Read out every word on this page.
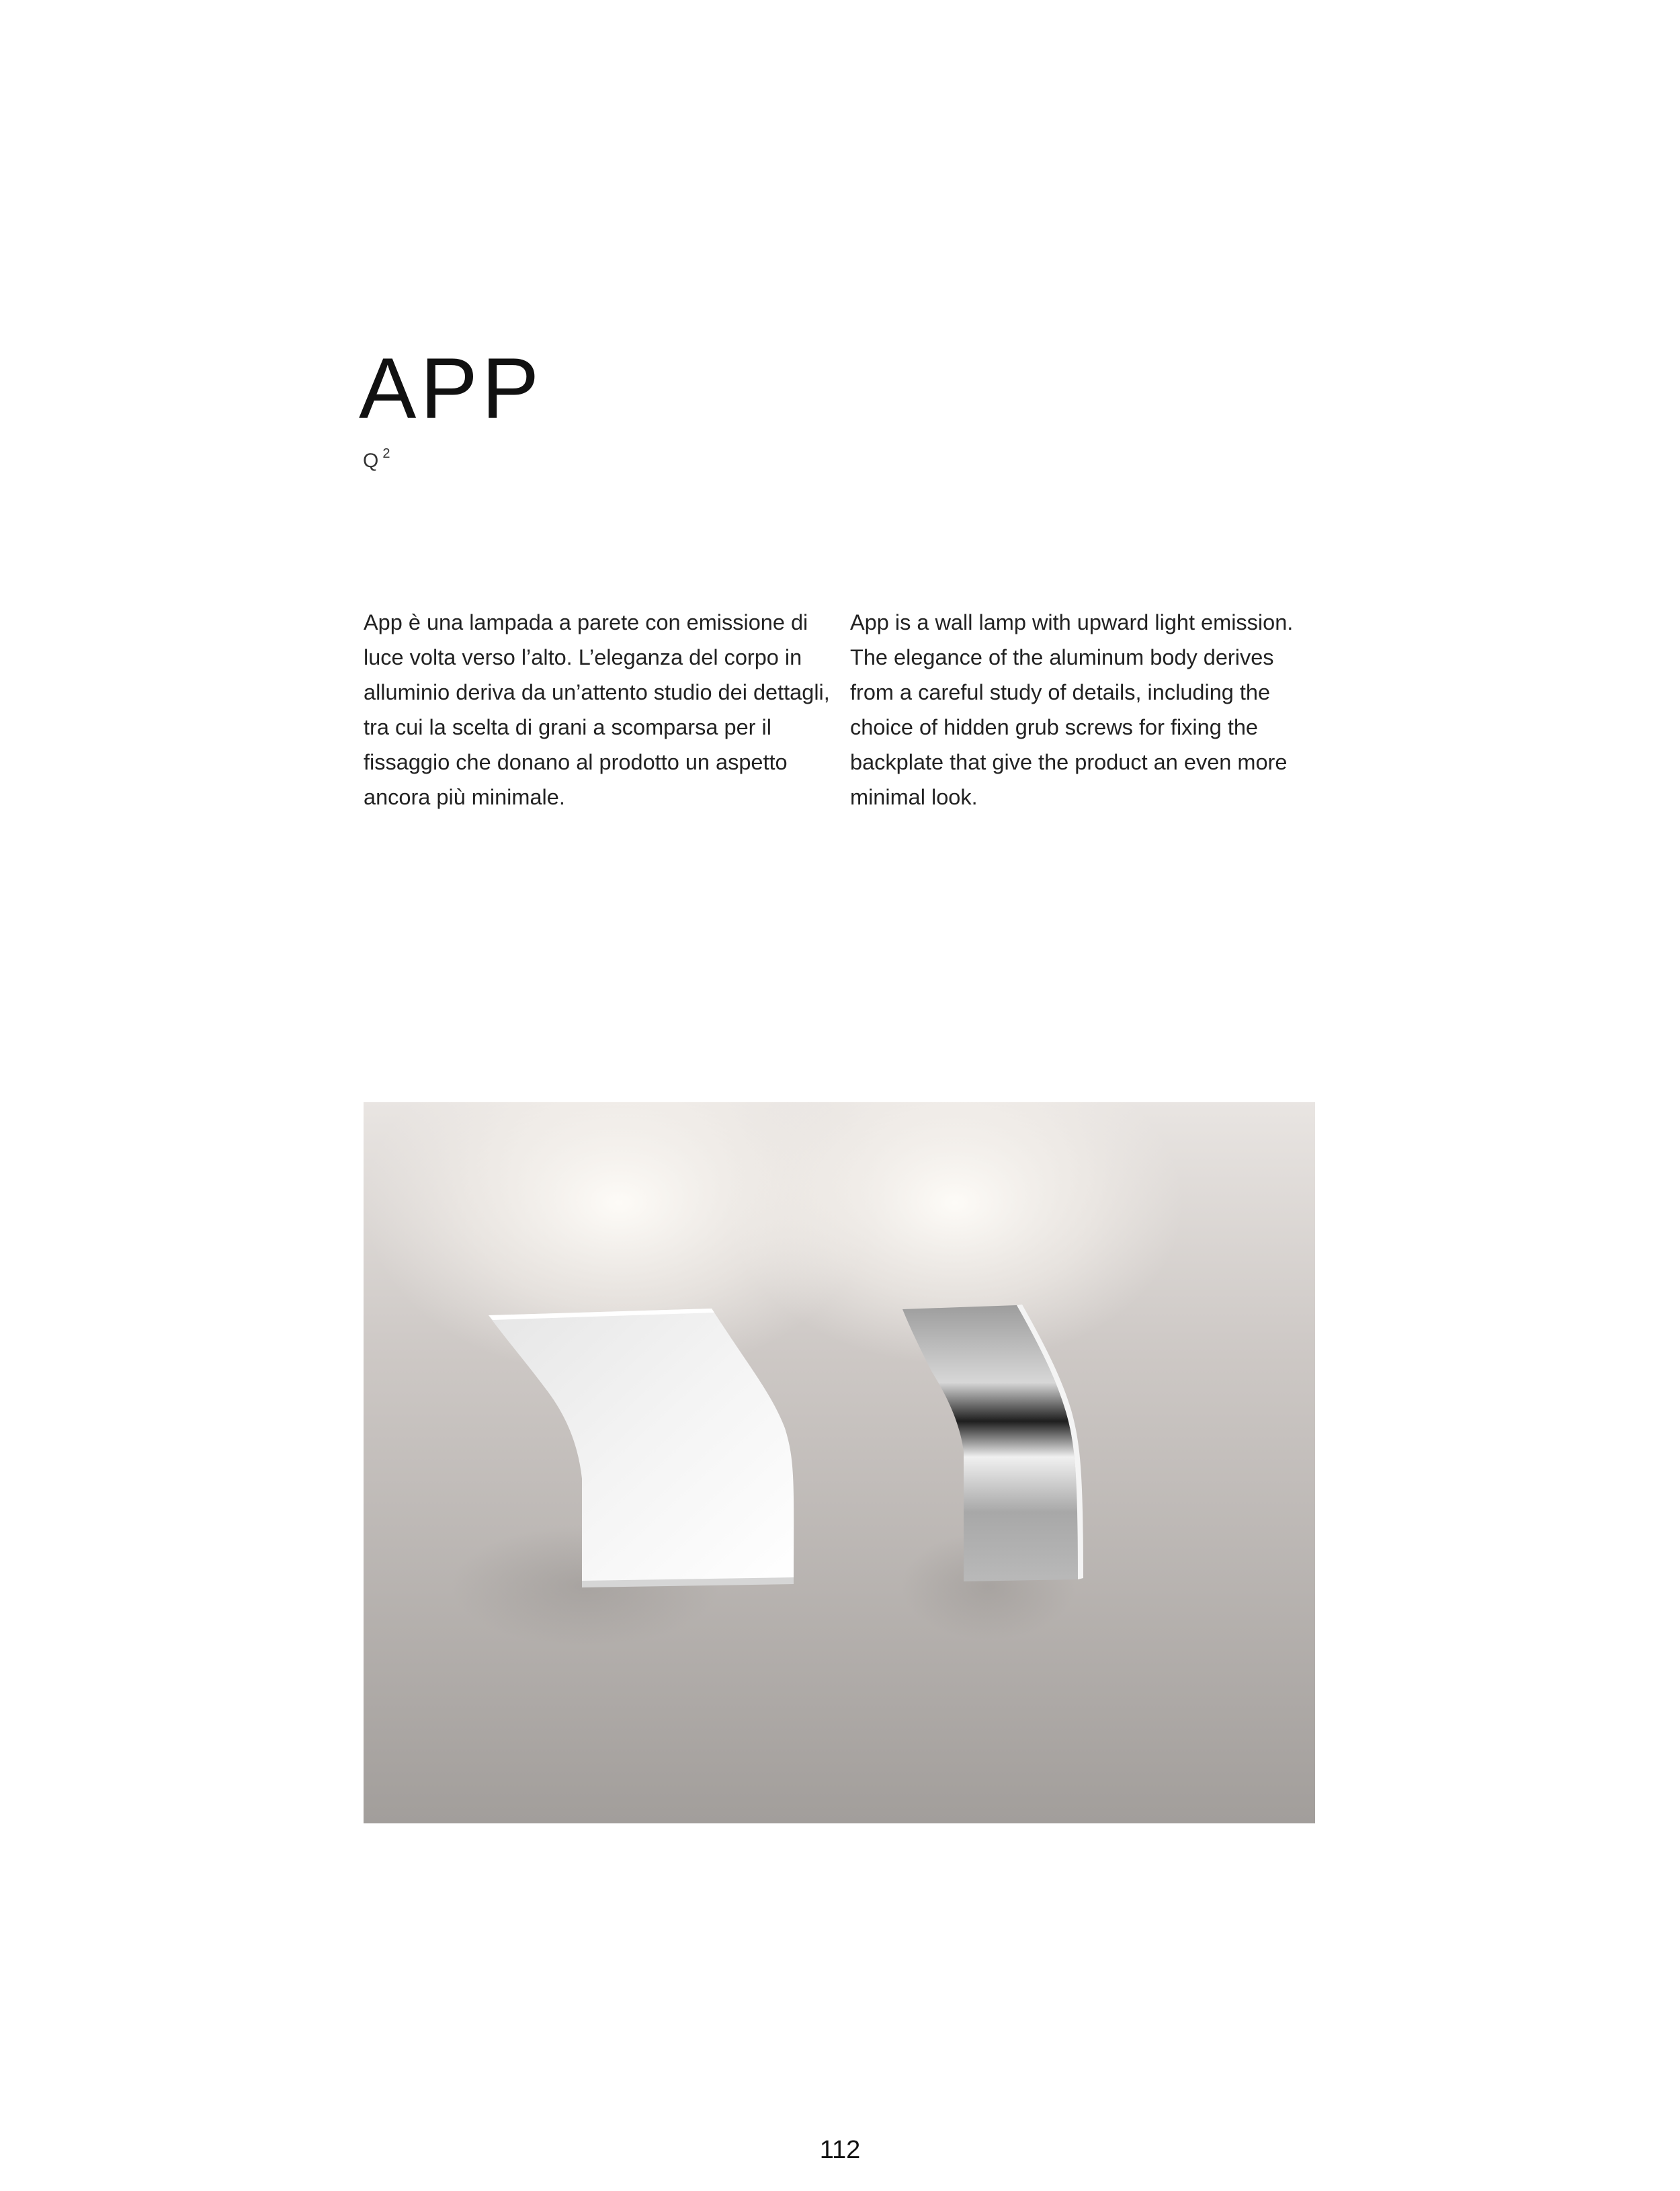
APP
Q $^2$

App è una lampada a parete con emissione di luce volta verso l’alto. L’eleganza del corpo in alluminio deriva da un’attento studio dei dettagli, tra cui la scelta di grani a scomparsa per il fissaggio che donano al prodotto un aspetto ancora più minimale.

App is a wall lamp with upward light emission. The elegance of the aluminum body derives from a careful study of details, including the choice of hidden grub screws for fixing the backplate that give the product an even more minimal look.

112
